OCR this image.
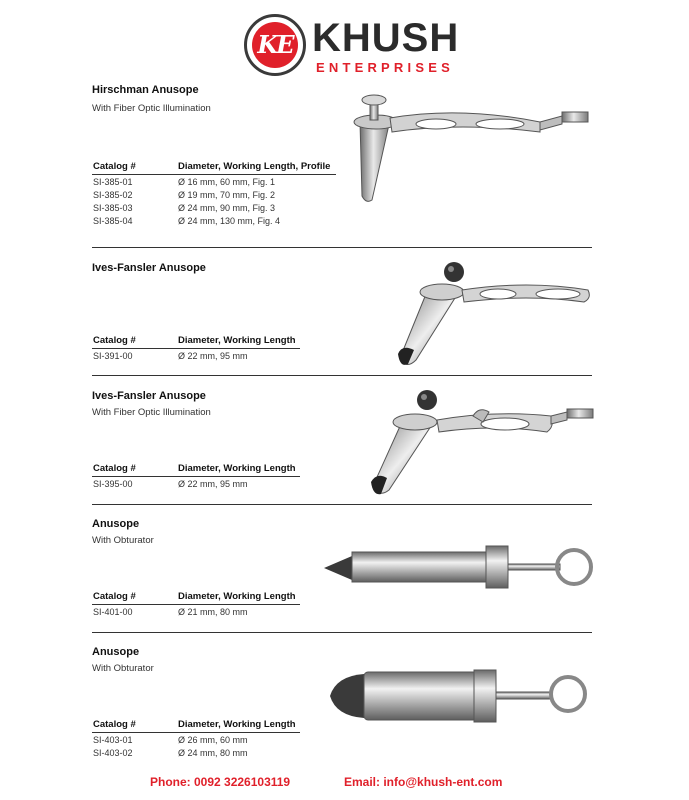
KE KHUSH
ENTERPRISES
Hirschman Anusope
With Fiber Optic Illumination
Catalog #	Diameter, Working Length, Profile
SI-385-01	Ø 16 mm, 60 mm, Fig. 1
SI-385-02	Ø 19 mm, 70 mm, Fig. 2
SI-385-03	Ø 24 mm, 90 mm, Fig. 3
SI-385-04	Ø 24 mm, 130 mm, Fig. 4
Ives-Fansler Anusope
Catalog #	Diameter, Working Length
SI-391-00	Ø 22 mm, 95 mm
Ives-Fansler Anusope
With Fiber Optic Illumination
Catalog #	Diameter, Working Length
SI-395-00	Ø 22 mm, 95 mm
Anusope
With Obturator
Catalog #	Diameter, Working Length
SI-401-00	Ø 21 mm, 80 mm
Anusope
With Obturator
Catalog #	Diameter, Working Length
SI-403-01	Ø 26 mm, 60 mm
SI-403-02	Ø 24 mm, 80 mm
Phone: 0092 3226103119	Email: info@khush-ent.com
